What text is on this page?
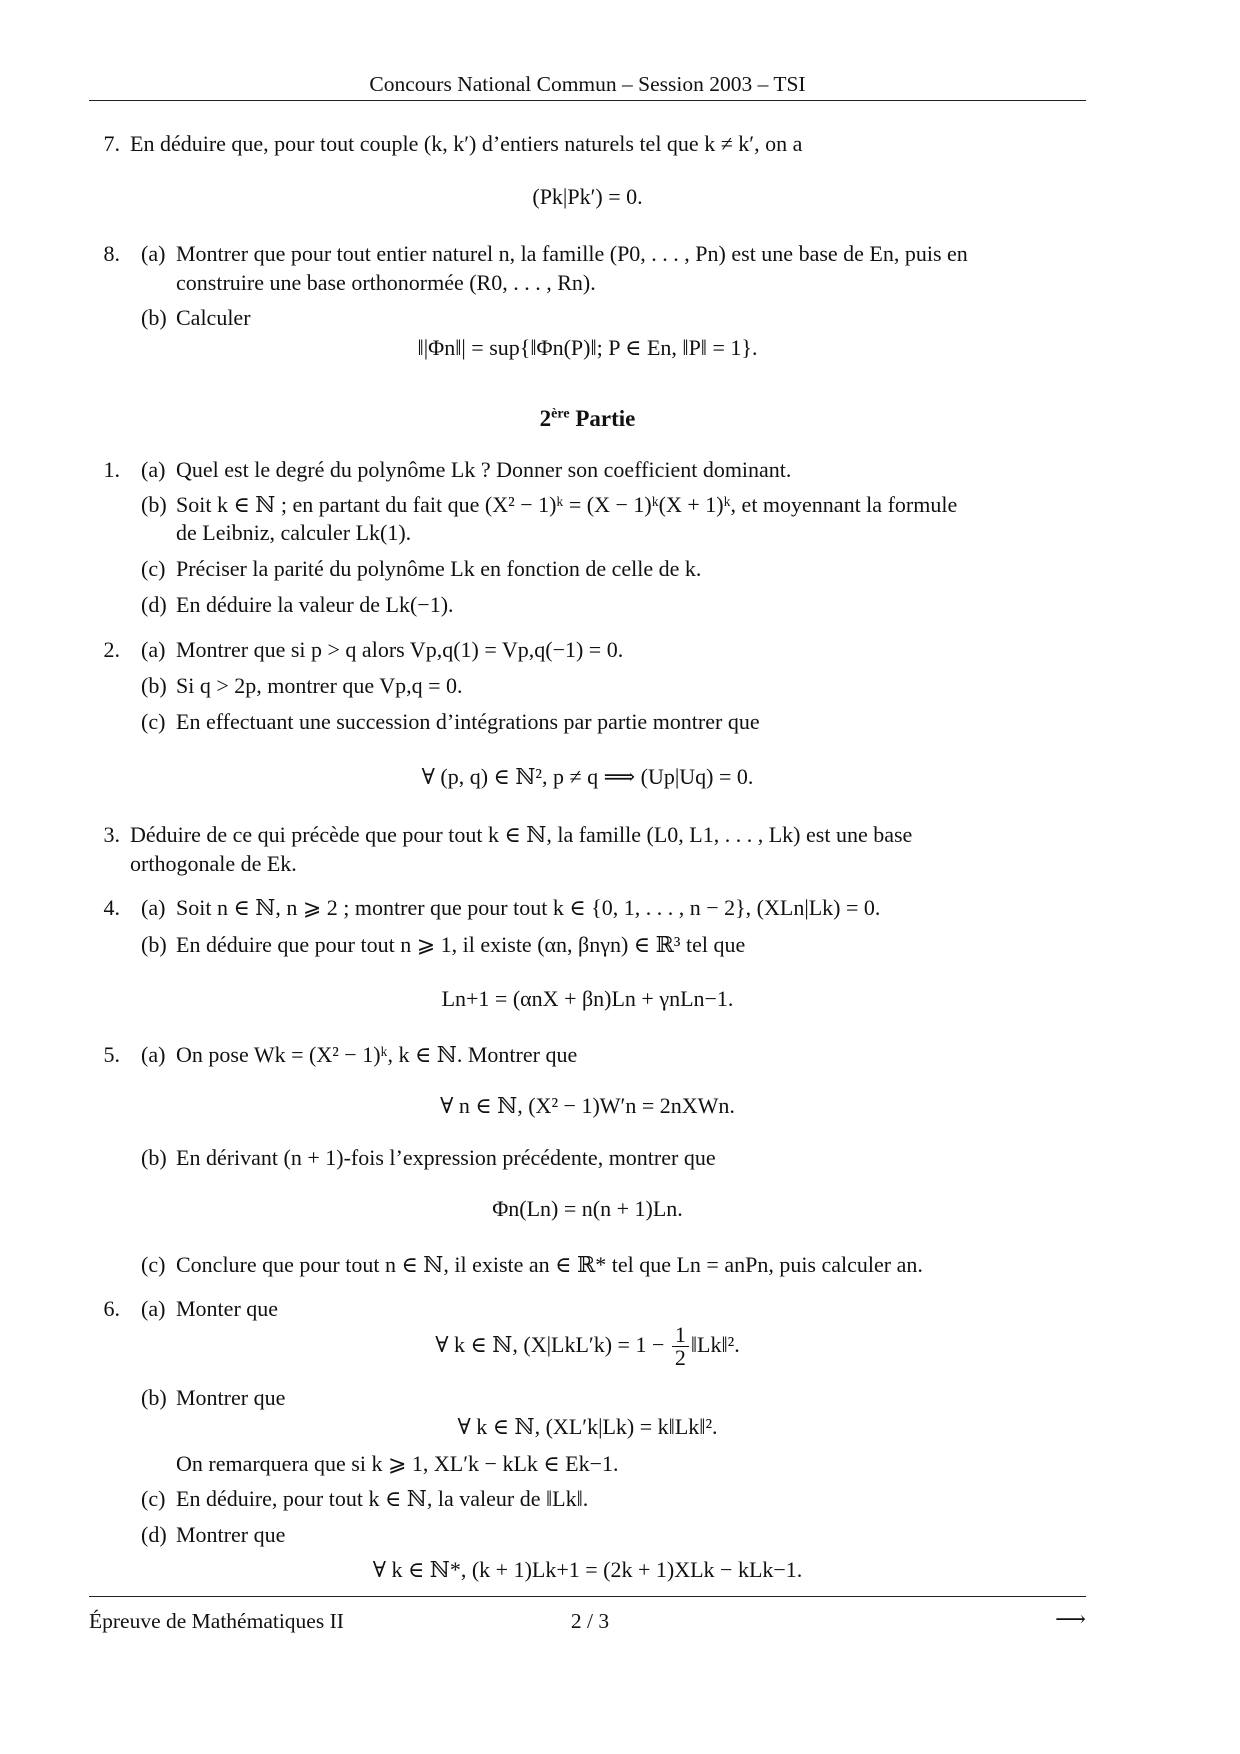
Concours National Commun – Session 2003 – TSI
7. En déduire que, pour tout couple (k, k′) d’entiers naturels tel que k ≠ k′, on a
(Pk|Pk′) = 0.
8. (a) Montrer que pour tout entier naturel n, la famille (P0, . . . , Pn) est une base de En, puis en
construire une base orthonormée (R0, . . . , Rn).
(b) Calculer
‖|Φn‖| = sup{‖Φn(P)‖; P ∈ En, ‖P‖ = 1}.
2ère Partie
1. (a) Quel est le degré du polynôme Lk ? Donner son coefficient dominant.
(b) Soit k ∈ ℕ ; en partant du fait que (X² − 1)ᵏ = (X − 1)ᵏ(X + 1)ᵏ, et moyennant la formule
de Leibniz, calculer Lk(1).
(c) Préciser la parité du polynôme Lk en fonction de celle de k.
(d) En déduire la valeur de Lk(−1).
2. (a) Montrer que si p > q alors Vp,q(1) = Vp,q(−1) = 0.
(b) Si q > 2p, montrer que Vp,q = 0.
(c) En effectuant une succession d’intégrations par partie montrer que
∀ (p, q) ∈ ℕ², p ≠ q ⟹ (Up|Uq) = 0.
3. Déduire de ce qui précède que pour tout k ∈ ℕ, la famille (L0, L1, . . . , Lk) est une base
orthogonale de Ek.
4. (a) Soit n ∈ ℕ, n ⩾ 2 ; montrer que pour tout k ∈ {0, 1, . . . , n − 2}, (XLn|Lk) = 0.
(b) En déduire que pour tout n ⩾ 1, il existe (αn, βnγn) ∈ ℝ³ tel que
Ln+1 = (αnX + βn)Ln + γnLn−1.
5. (a) On pose Wk = (X² − 1)ᵏ, k ∈ ℕ. Montrer que
∀ n ∈ ℕ, (X² − 1)W′n = 2nXWn.
(b) En dérivant (n + 1)-fois l’expression précédente, montrer que
Φn(Ln) = n(n + 1)Ln.
(c) Conclure que pour tout n ∈ ℕ, il existe an ∈ ℝ* tel que Ln = anPn, puis calculer an.
6. (a) Monter que
∀ k ∈ ℕ, $(X|LkL'k) = 1 - \frac{1}{2}$ ‖Lk‖².
(b) Montrer que
∀ k ∈ ℕ, (XL′k|Lk) = k‖Lk‖².
On remarquera que si k ⩾ 1, XL′k − kLk ∈ Ek−1.
(c) En déduire, pour tout k ∈ ℕ, la valeur de ‖Lk‖.
(d) Montrer que
∀ k ∈ ℕ*, (k + 1)Lk+1 = (2k + 1)XLk − kLk−1.
Épreuve de Mathématiques II	2 / 3	⟶
